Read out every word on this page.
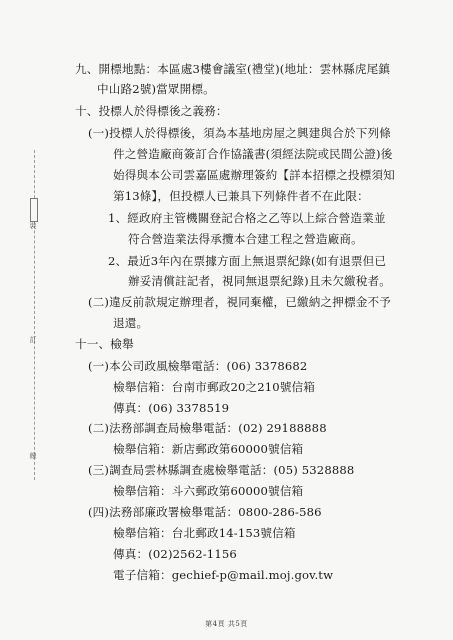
裝
訂
線
九、開標地點：本區處3樓會議室(禮堂)(地址：雲林縣虎尾鎮
中山路2號)當眾開標。
十、投標人於得標後之義務：
(一)投標人於得標後，須為本基地房屋之興建與合於下列條
件之營造廠商簽訂合作協議書(須經法院或民間公證)後
始得與本公司雲嘉區處辦理簽約【詳本招標之投標須知
第13條】，但投標人已兼具下列條件者不在此限：
1、經政府主管機關登記合格之乙等以上綜合營造業並
符合營造業法得承攬本合建工程之營造廠商。
2、最近3年內在票據方面上無退票紀錄(如有退票但已
辦妥清償註記者，視同無退票紀錄)且未欠繳稅者。
(二)違反前款規定辦理者，視同棄權，已繳納之押標金不予
退還。
十一、檢舉
(一)本公司政風檢舉電話：(06) 3378682
檢舉信箱：台南市郵政20之210號信箱
傳真：(06) 3378519
(二)法務部調查局檢舉電話：(02) 29188888
檢舉信箱：新店郵政第60000號信箱
(三)調查局雲林縣調查處檢舉電話：(05) 5328888
檢舉信箱：斗六郵政第60000號信箱
(四)法務部廉政署檢舉電話：0800-286-586
檢舉信箱：台北郵政14-153號信箱
傳真：(02)2562-1156
電子信箱：gechief-p@mail.moj.gov.tw
第4頁 共5頁
